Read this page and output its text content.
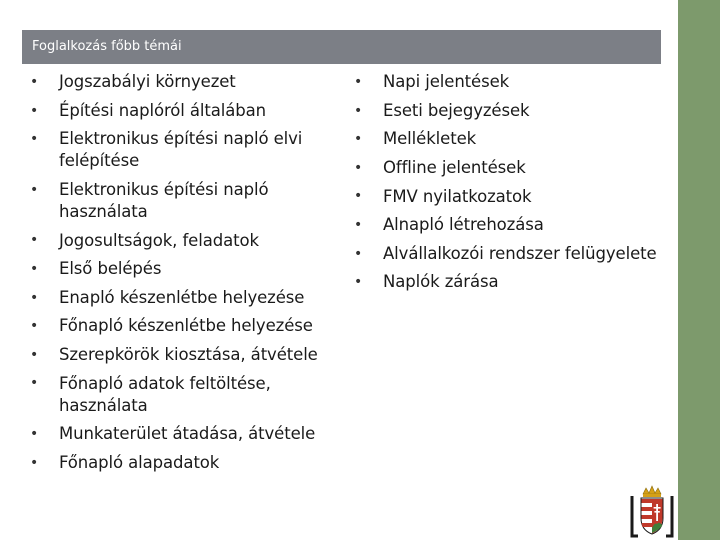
Foglalkozás főbb témái
• Jogszabályi környezet
• Építési naplóról általában
• Elektronikus építési napló elvi felépítése
• Elektronikus építési napló használata
• Jogosultságok, feladatok
• Első belépés
• Enapló készenlétbe helyezése
• Főnapló készenlétbe helyezése
• Szerepkörök kiosztása, átvétele
• Főnapló adatok feltöltése, használata
• Munkaterület átadása, átvétele
• Főnapló alapadatok
• Napi jelentések
• Eseti bejegyzések
• Mellékletek
• Offline jelentések
• FMV nyilatkozatok
• Alnapló létrehozása
• Alvállalkozói rendszer felügyelete
• Naplók zárása
